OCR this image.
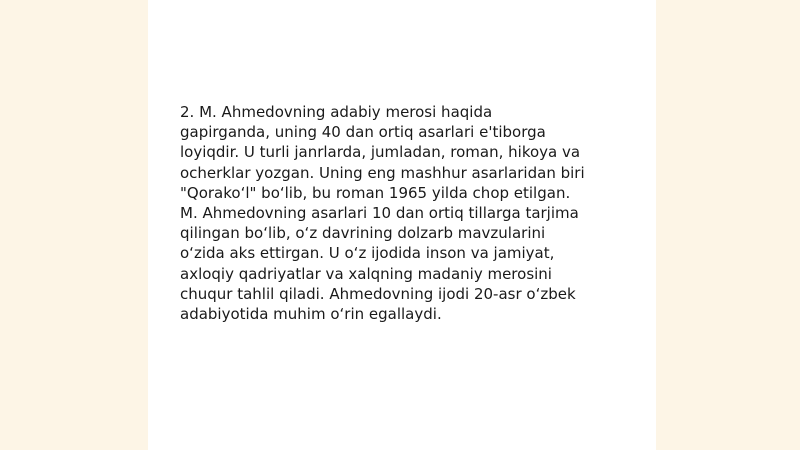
2. M. Ahmedovning adabiy merosi haqida
gapirganda, uning 40 dan ortiq asarlari e'tiborga
loyiqdir. U turli janrlarda, jumladan, roman, hikoya va
ocherklar yozgan. Uning eng mashhur asarlaridan biri
"Qorako‘l" bo‘lib, bu roman 1965 yilda chop etilgan.
M. Ahmedovning asarlari 10 dan ortiq tillarga tarjima
qilingan bo‘lib, o‘z davrining dolzarb mavzularini
o‘zida aks ettirgan. U o‘z ijodida inson va jamiyat,
axloqiy qadriyatlar va xalqning madaniy merosini
chuqur tahlil qiladi. Ahmedovning ijodi 20-asr o‘zbek
adabiyotida muhim o‘rin egallaydi.
